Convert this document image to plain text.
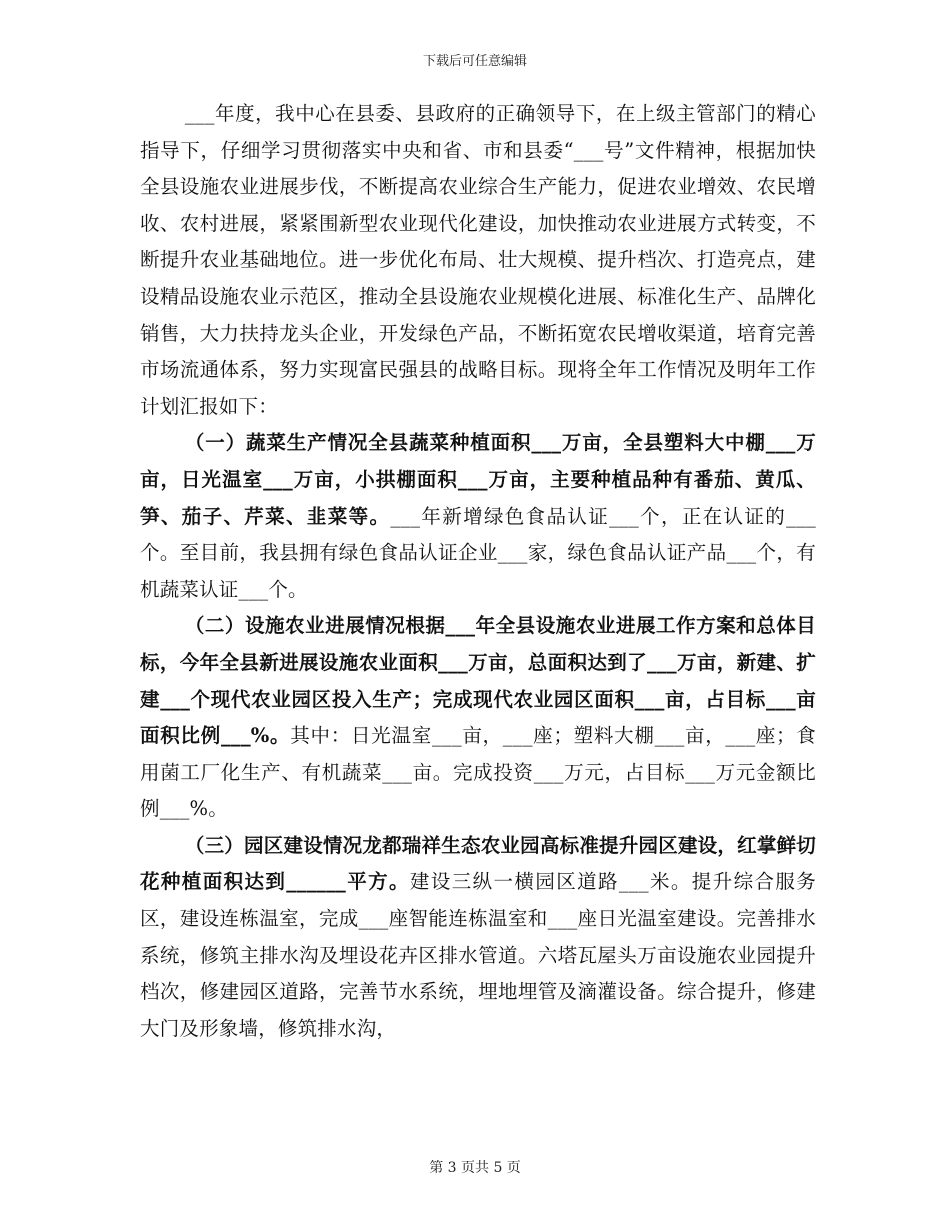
下载后可任意编辑

___年度，我中心在县委、县政府的正确领导下，在上级主管部门的精心指导下，仔细学习贯彻落实中央和省、市和县委“___号”文件精神，根据加快全县设施农业进展步伐，不断提高农业综合生产能力，促进农业增效、农民增收、农村进展，紧紧围新型农业现代化建设，加快推动农业进展方式转变，不断提升农业基础地位。进一步优化布局、壮大规模、提升档次、打造亮点，建设精品设施农业示范区，推动全县设施农业规模化进展、标准化生产、品牌化销售，大力扶持龙头企业，开发绿色产品，不断拓宽农民增收渠道，培育完善市场流通体系，努力实现富民强县的战略目标。现将全年工作情况及明年工作计划汇报如下：

（一）蔬菜生产情况全县蔬菜种植面积___万亩，全县塑料大中棚___万亩，日光温室___万亩，小拱棚面积___万亩，主要种植品种有番茄、黄瓜、笋、茄子、芹菜、韭菜等。___年新增绿色食品认证___个，正在认证的___个。至目前，我县拥有绿色食品认证企业___家，绿色食品认证产品___个，有机蔬菜认证___个。

（二）设施农业进展情况根据___年全县设施农业进展工作方案和总体目标，今年全县新进展设施农业面积___万亩，总面积达到了___万亩，新建、扩建___个现代农业园区投入生产；完成现代农业园区面积___亩，占目标___亩面积比例___%。其中：日光温室___亩，___座；塑料大棚___亩，___座；食用菌工厂化生产、有机蔬菜___亩。完成投资___万元，占目标___万元金额比例___%。

（三）园区建设情况龙都瑞祥生态农业园高标准提升园区建设，红掌鲜切花种植面积达到______平方。建设三纵一横园区道路___米。提升综合服务区，建设连栋温室，完成___座智能连栋温室和___座日光温室建设。完善排水系统，修筑主排水沟及埋设花卉区排水管道。六塔瓦屋头万亩设施农业园提升档次，修建园区道路，完善节水系统，埋地埋管及滴灌设备。综合提升，修建大门及形象墙，修筑排水沟，

第 3 页共 5 页
